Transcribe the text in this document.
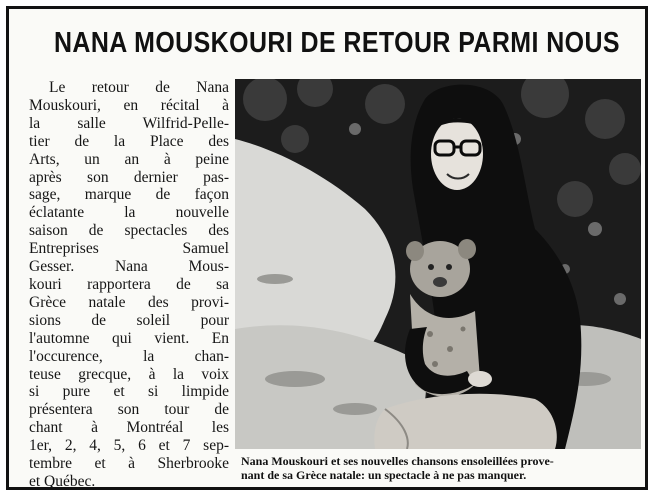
NANA MOUSKOURI DE RETOUR PARMI NOUS

Le retour de Nana
Mouskouri, en récital à
la salle Wilfrid-Pelle-
tier de la Place des
Arts, un an à peine
après son dernier pas-
sage, marque de façon
éclatante la nouvelle
saison de spectacles des
Entreprises Samuel
Gesser. Nana Mous-
kouri rapportera de sa
Grèce natale des provi-
sions de soleil pour
l'automne qui vient. En
l'occurence, la chan-
teuse grecque, à la voix
si pure et si limpide
présentera son tour de
chant à Montréal les
1er, 2, 4, 5, 6 et 7 sep-
tembre et à Sherbrooke
et Québec.

Nana Mouskouri et ses nouvelles chansons ensoleillées prove-
nant de sa Grèce natale: un spectacle à ne pas manquer.
